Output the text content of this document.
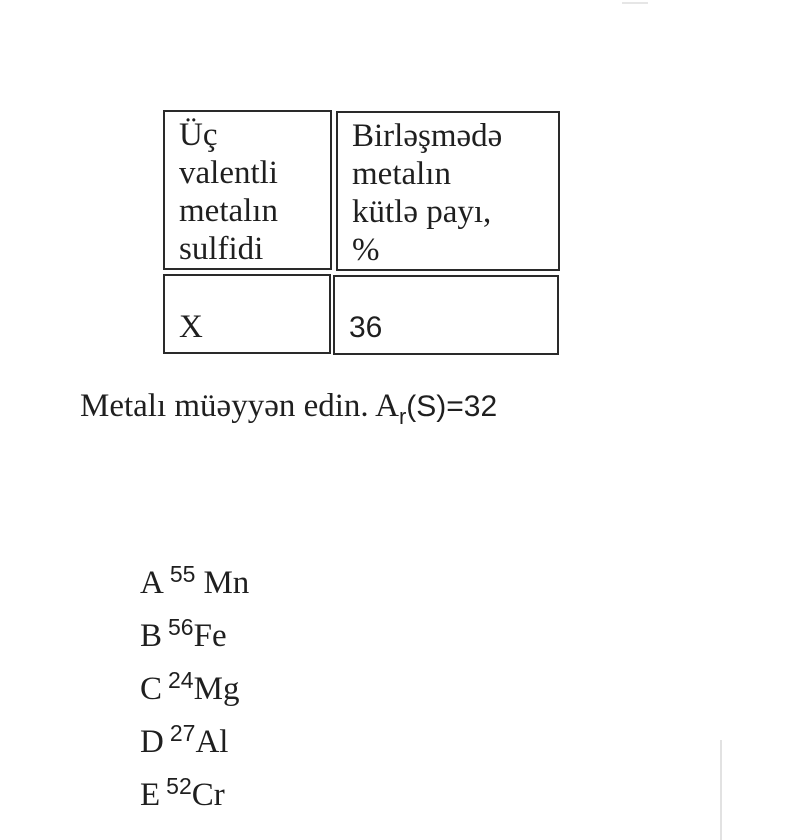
Üç
valentli
metalın
sulfidi
Birləşmədə
metalın
kütlə payı,
%
X	36
Metalı müəyyən edin. $A_r(S)=32$
A $^{55}$ Mn
B $^{56}$Fe
C $^{24}$Mg
D $^{27}$Al
E $^{52}$Cr
